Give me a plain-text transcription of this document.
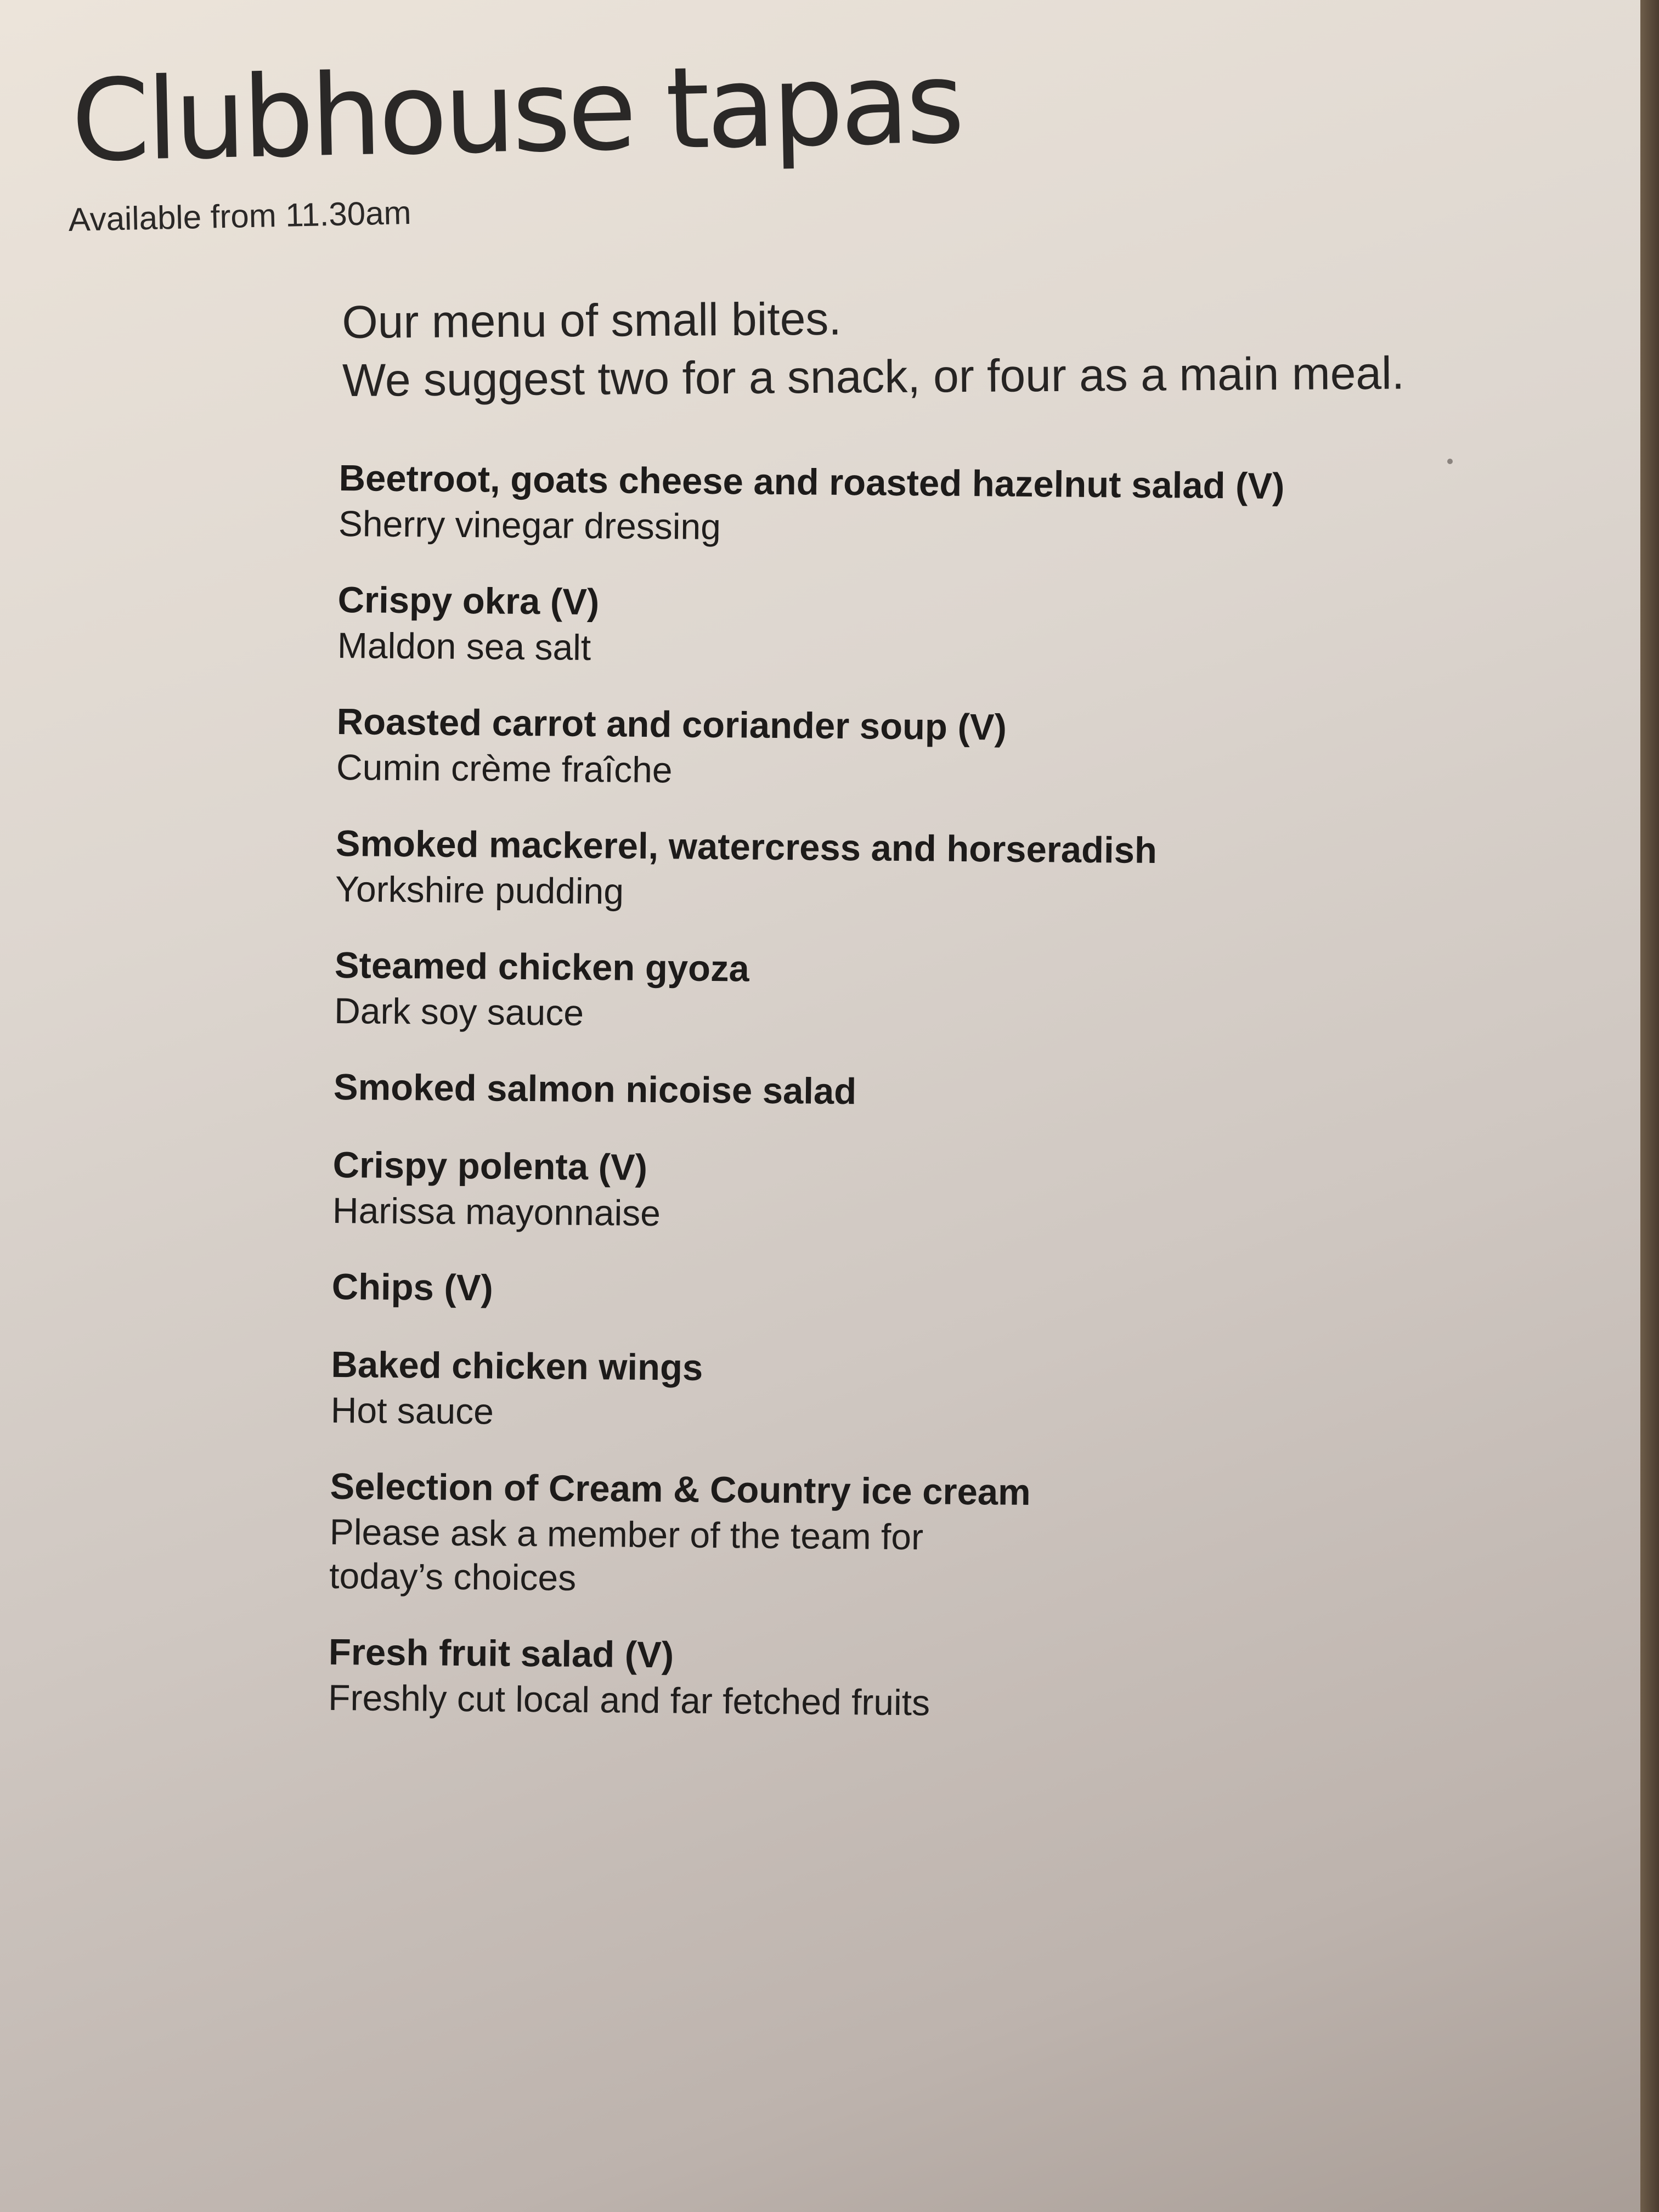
Clubhouse tapas
Available from 11.30am
Our menu of small bites.
We suggest two for a snack, or four as a main meal.
Beetroot, goats cheese and roasted hazelnut salad (V)
Sherry vinegar dressing
Crispy okra (V)
Maldon sea salt
Roasted carrot and coriander soup (V)
Cumin crème fraîche
Smoked mackerel, watercress and horseradish
Yorkshire pudding
Steamed chicken gyoza
Dark soy sauce
Smoked salmon nicoise salad
Crispy polenta (V)
Harissa mayonnaise
Chips (V)
Baked chicken wings
Hot sauce
Selection of Cream & Country ice cream
Please ask a member of the team for
today’s choices
Fresh fruit salad (V)
Freshly cut local and far fetched fruits
